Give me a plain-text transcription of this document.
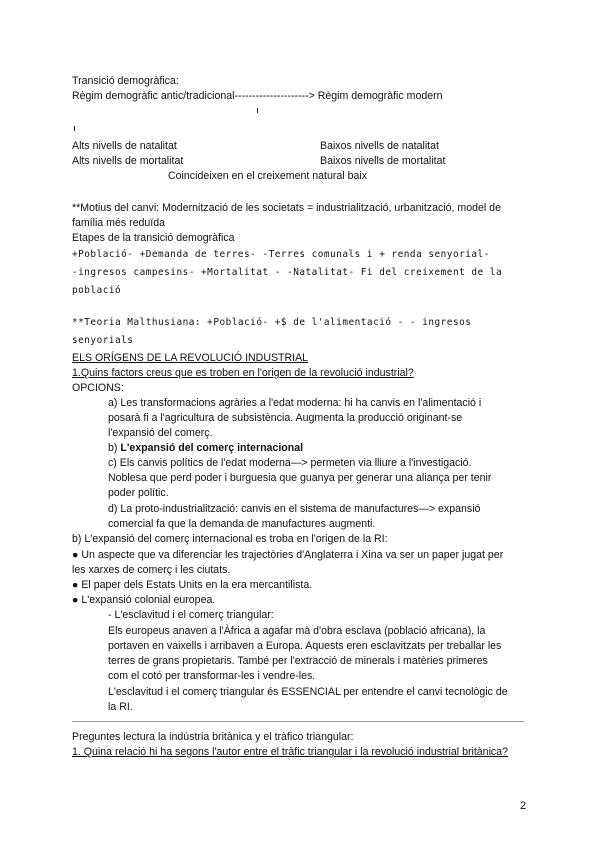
Transició demogràfica:
Règim demogràfic antic/tradicional---------------------> Règim demogràfic modern
Alts nivells de natalitat	Baixos nivells de natalitat
Alts nivells de mortalitat	Baixos nivells de mortalitat
Coincideixen en el creixement natural baix
**Motius del canvi: Modernització de les societats = industrialització, urbanització, model de
família més reduïda
Etapes de la transició demogràfica
+Població- +Demanda de terres- -Terres comunals i + renda senyorial-
-ingresos campesins- +Mortalitat - -Natalitat- Fi del creixement de la
població
**Teoria Malthusiana: +Població- +$ de l'alimentació - - ingresos
senyorials
ELS ORÍGENS DE LA REVOLUCIÓ INDUSTRIAL
1.Quins factors creus que es troben en l'origen de la revolució industrial?
OPCIONS:
a) Les transformacions agràries a l'edat moderna: hi ha canvis en l'alimentació i
posarà fi a l'agricultura de subsistència. Augmenta la producció originant-se
l'expansió del comerç.
b) L'expansió del comerç internacional
c) Els canvis polítics de l'edat moderna—> permeten via lliure a l'investigació.
Noblesa que perd poder i burguesia que guanya per generar una aliança per tenir
poder polític.
d) La proto-industrialització: canvis en el sistema de manufactures—> expansió
comercial fa que la demanda de manufactures augmenti.
b) L'expansió del comerç internacional es troba en l'origen de la RI:
● Un aspecte que va diferenciar les trajectòries d'Anglaterra i Xina va ser un paper jugat per
les xarxes de comerç i les ciutats.
● El paper dels Estats Units en la era mercantilista.
● L'expansió colonial europea.
- L'esclavitud i el comerç triangular:
Els europeus anaven a l'Àfrica a agafar mà d'obra esclava (població africana), la
portaven en vaixells i arribaven a Europa. Aquests eren esclavitzats per treballar les
terres de grans propietaris. També per l'extracció de minerals i matèries primeres
com el cotó per transformar-les i vendre-les.
L'esclavitud i el comerç triangular és ESSENCIAL per entendre el canvi tecnològic de
la RI.
Preguntes lectura la indústria britànica y el tràfico triangular:
1. Quina relació hi ha segons l'autor entre el tràfic triangular i la revolució industrial britànica?
2
